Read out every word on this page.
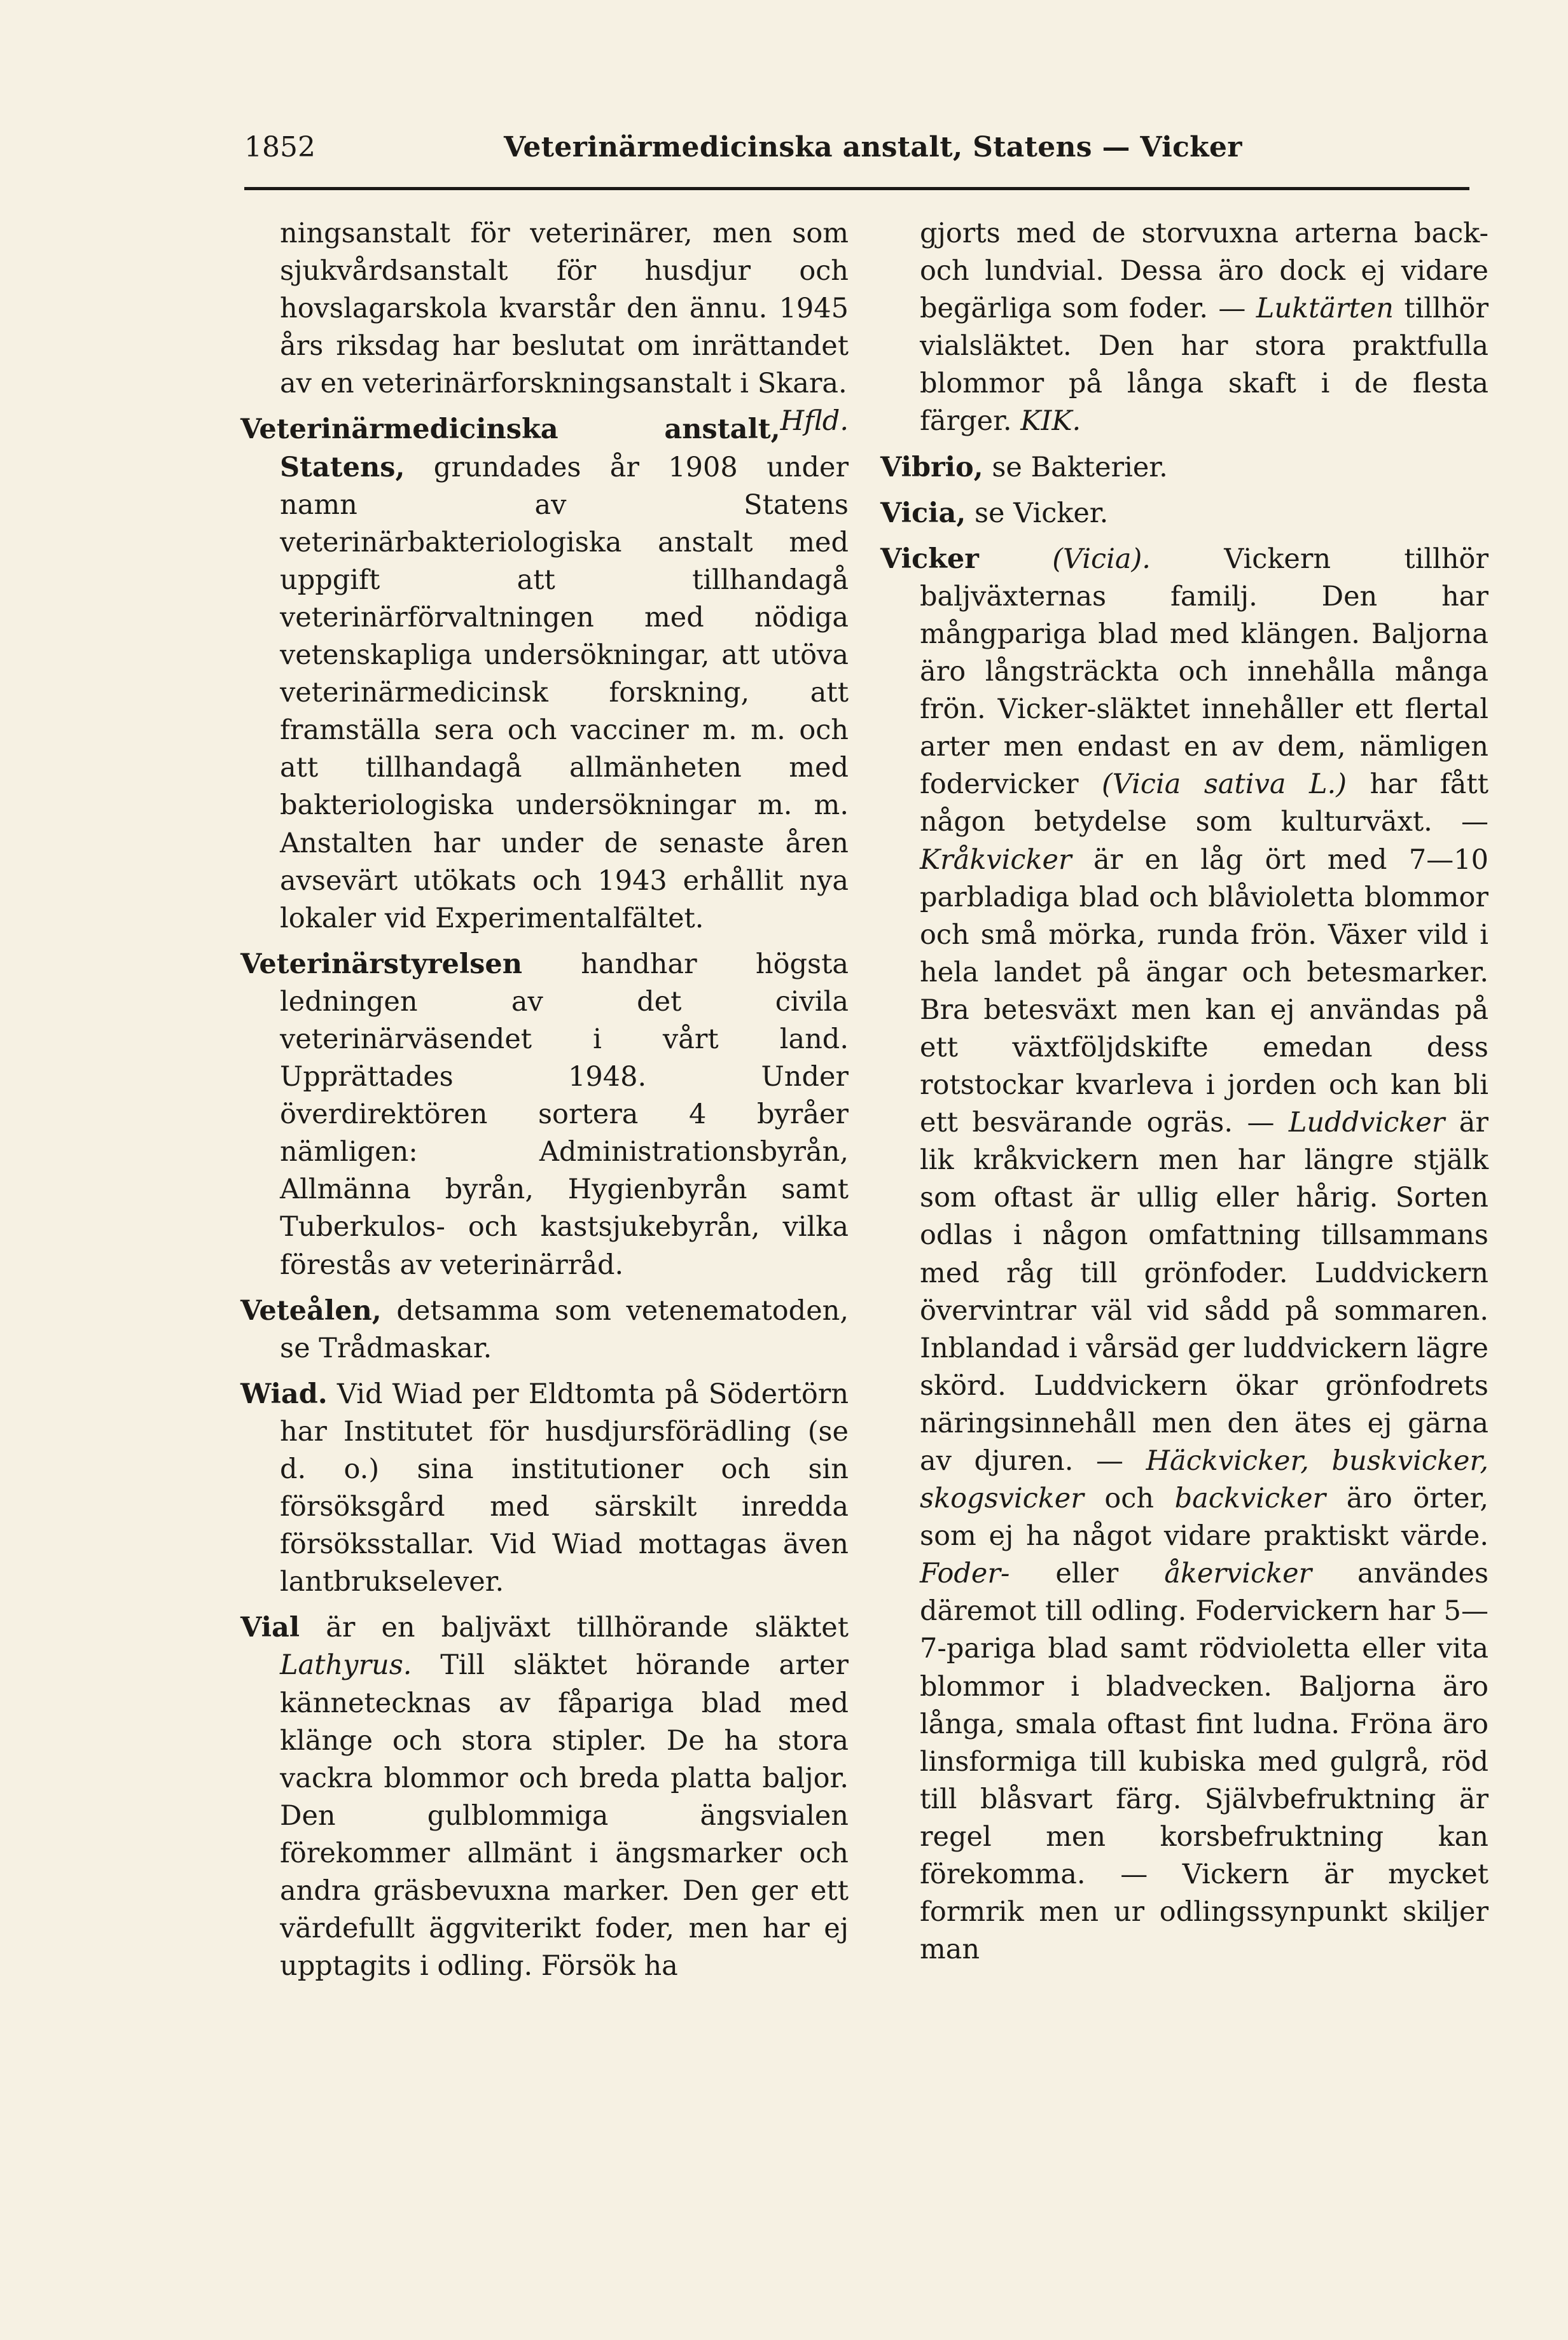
1852	Veterinärmedicinska anstalt, Statens — Vicker

ningsanstalt för veterinärer, men som sjukvårdsanstalt för husdjur och hovslagarskola kvarstår den ännu. 1945 års riksdag har beslutat om inrättandet av en veterinärforskningsanstalt i Skara.
Hfld.

Veterinärmedicinska anstalt, Statens, grundades år 1908 under namn av Statens veterinärbakteriologiska anstalt med uppgift att tillhandagå veterinärförvaltningen med nödiga vetenskapliga undersökningar, att utöva veterinärmedicinsk forskning, att framställa sera och vacciner m. m. och att tillhandagå allmänheten med bakteriologiska undersökningar m. m. Anstalten har under de senaste åren avsevärt utökats och 1943 erhållit nya lokaler vid Experimentalfältet.

Veterinärstyrelsen handhar högsta ledningen av det civila veterinärväsendet i vårt land. Upprättades 1948. Under överdirektören sortera 4 byråer nämligen: Administrationsbyrån, Allmänna byrån, Hygienbyrån samt Tuberkulos- och kastsjukebyrån, vilka förestås av veterinärråd.

Veteålen, detsamma som vetenematoden, se Trådmaskar.

Wiad. Vid Wiad per Eldtomta på Södertörn har Institutet för husdjursförädling (se d. o.) sina institutioner och sin försöksgård med särskilt inredda försöksstallar. Vid Wiad mottagas även lantbrukselever.

Vial är en baljväxt tillhörande släktet Lathyrus. Till släktet hörande arter kännetecknas av fåpariga blad med klänge och stora stipler. De ha stora vackra blommor och breda platta baljor. Den gulblommiga ängsvialen förekommer allmänt i ängsmarker och andra gräsbevuxna marker. Den ger ett värdefullt äggviterikt foder, men har ej upptagits i odling. Försök ha

gjorts med de storvuxna arterna back- och lundvial. Dessa äro dock ej vidare begärliga som foder. — Luktärten tillhör vialsläktet. Den har stora praktfulla blommor på långa skaft i de flesta färger. KIK.

Vibrio, se Bakterier.

Vicia, se Vicker.

Vicker	(Vicia).	Vickern tillhör baljväxternas familj. Den har mångpariga blad med klängen. Baljorna äro långsträckta och innehålla många frön. Vicker-släktet innehåller ett flertal arter men endast en av dem, nämligen fodervicker (Vicia sativa L.) har fått någon betydelse som kulturväxt. — Kråkvicker är en låg ört med 7—10 parbladiga blad och blåvioletta blommor och små mörka, runda frön. Växer vild i hela landet på ängar och betesmarker. Bra betesväxt men kan ej användas på ett växtföljdskifte emedan dess rotstockar kvarleva i jorden och kan bli ett besvärande ogräs. — Luddvicker är lik kråkvickern men har längre stjälk som oftast är ullig eller hårig. Sorten odlas i någon omfattning tillsammans med råg till grönfoder. Luddvickern övervintrar väl vid sådd på sommaren. Inblandad i vårsäd ger luddvickern lägre skörd. Luddvickern ökar grönfodrets näringsinnehåll men den ätes ej gärna av djuren. — Häckvicker, buskvicker, skogsvicker och backvicker äro örter, som ej ha något vidare praktiskt värde. Foder- eller åkervicker användes däremot till odling. Fodervickern har 5—7-pariga blad samt rödvioletta eller vita blommor i bladvecken. Baljorna äro långa, smala oftast fint ludna. Fröna äro linsformiga till kubiska med gulgrå, röd till blåsvart färg. Självbefruktning är regel men korsbefruktning kan förekomma. — Vickern är mycket formrik men ur odlingssynpunkt skiljer man
